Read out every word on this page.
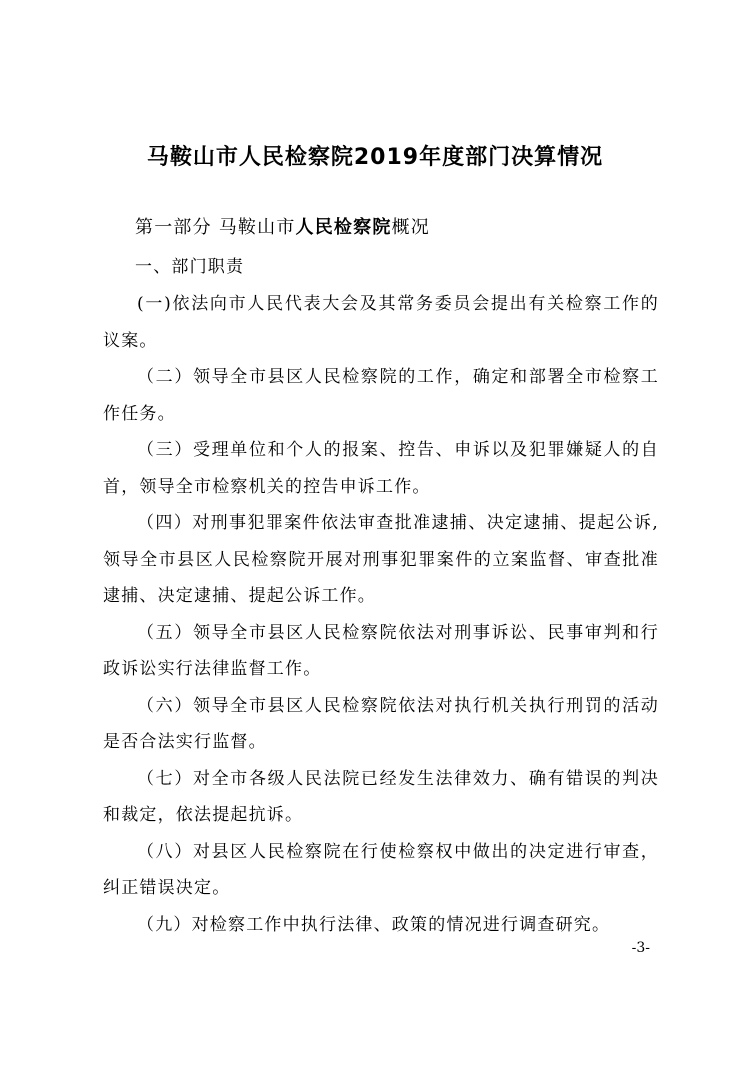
马鞍山市人民检察院2019年度部门决算情况
第一部分 马鞍山市人民检察院概况
一、部门职责

(一)依法向市人民代表大会及其常务委员会提出有关检察工作的议案。

（二）领导全市县区人民检察院的工作，确定和部署全市检察工作任务。

（三）受理单位和个人的报案、控告、申诉以及犯罪嫌疑人的自首，领导全市检察机关的控告申诉工作。

（四）对刑事犯罪案件依法审查批准逮捕、决定逮捕、提起公诉,领导全市县区人民检察院开展对刑事犯罪案件的立案监督、审查批准逮捕、决定逮捕、提起公诉工作。

（五）领导全市县区人民检察院依法对刑事诉讼、民事审判和行政诉讼实行法律监督工作。

（六）领导全市县区人民检察院依法对执行机关执行刑罚的活动是否合法实行监督。

（七）对全市各级人民法院已经发生法律效力、确有错误的判决和裁定，依法提起抗诉。

（八）对县区人民检察院在行使检察权中做出的决定进行审查，纠正错误决定。

（九）对检察工作中执行法律、政策的情况进行调查研究。

-3-
